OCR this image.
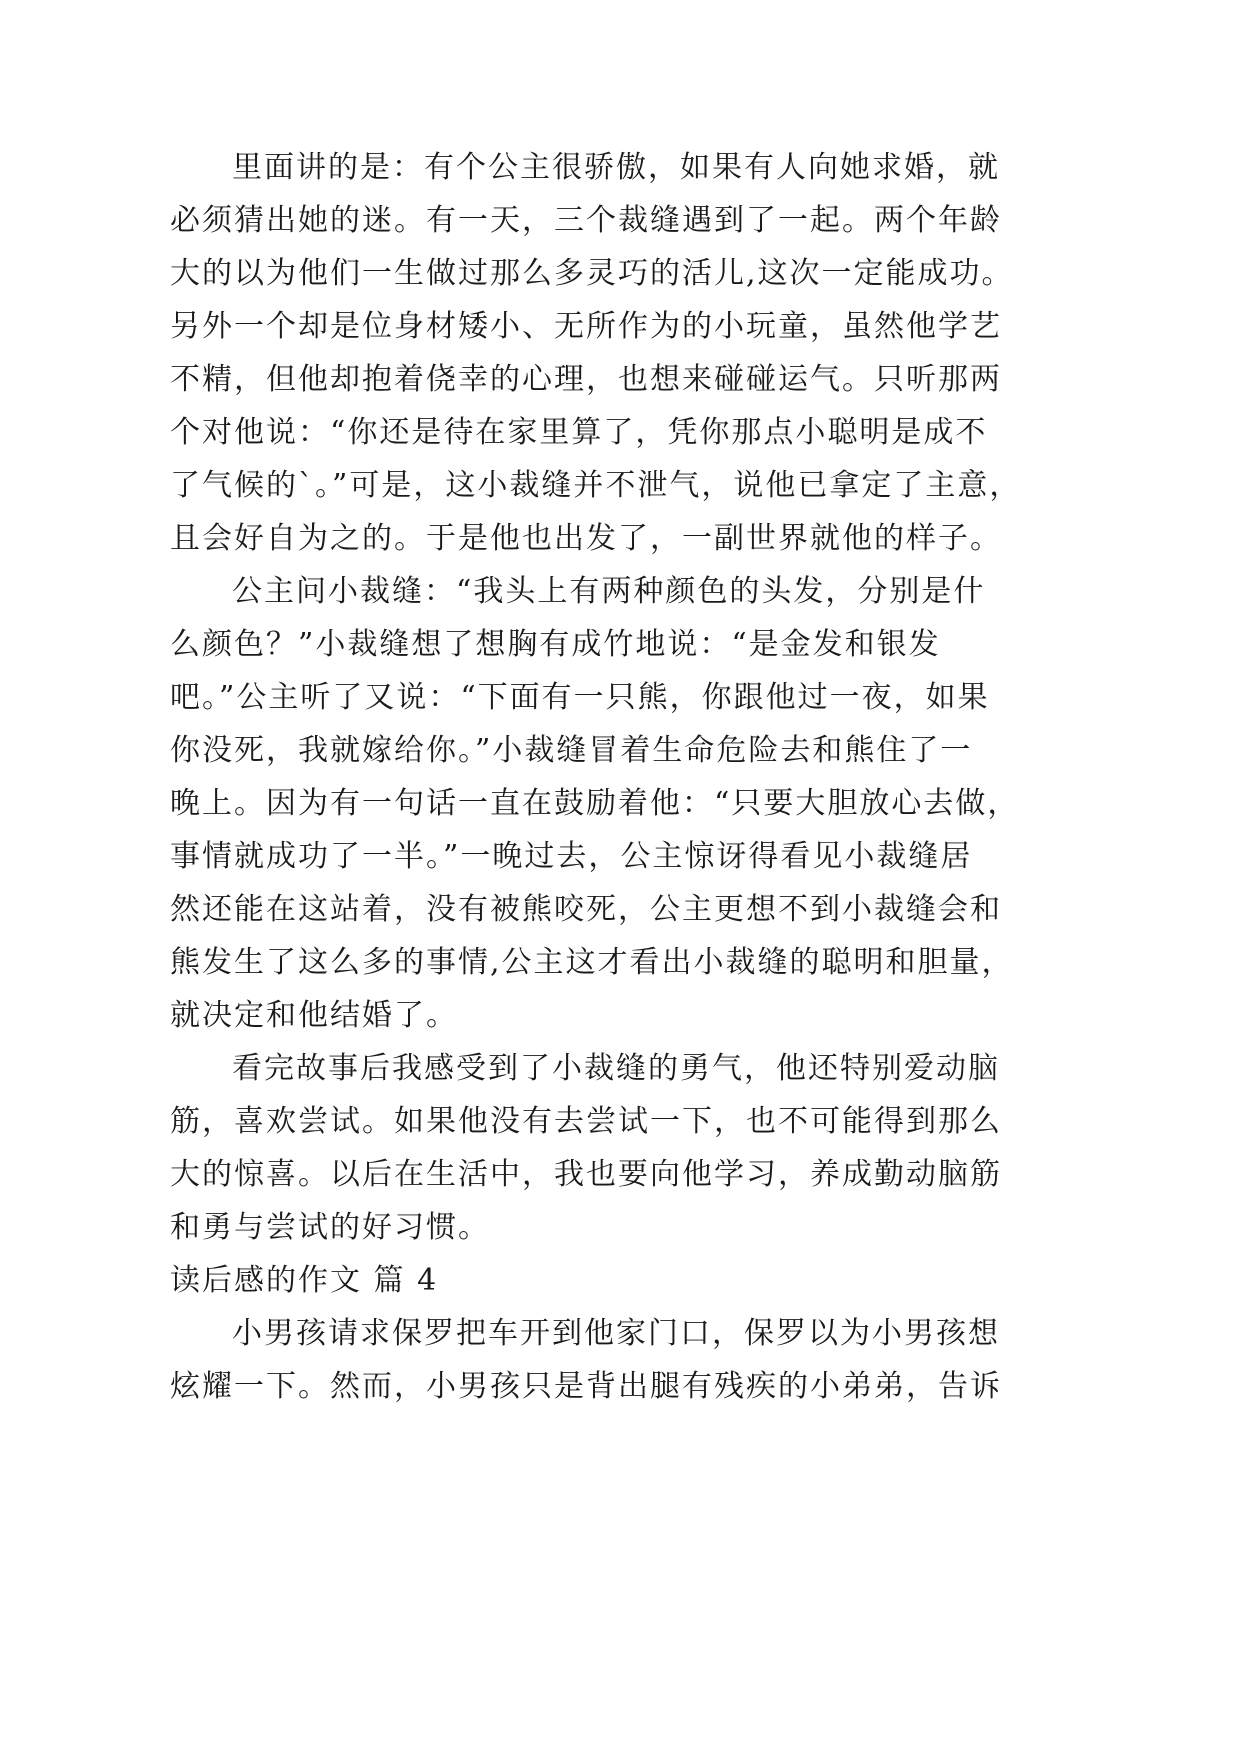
里面讲的是：有个公主很骄傲，如果有人向她求婚，就
必须猜出她的迷。有一天，三个裁缝遇到了一起。两个年龄
大的以为他们一生做过那么多灵巧的活儿,这次一定能成功。
另外一个却是位身材矮小、无所作为的小玩童，虽然他学艺
不精，但他却抱着侥幸的心理，也想来碰碰运气。只听那两
个对他说：“你还是待在家里算了，凭你那点小聪明是成不
了气候的`。”可是，这小裁缝并不泄气，说他已拿定了主意，
且会好自为之的。于是他也出发了，一副世界就他的样子。
公主问小裁缝：“我头上有两种颜色的头发，分别是什
么颜色？”小裁缝想了想胸有成竹地说：“是金发和银发
吧。”公主听了又说：“下面有一只熊，你跟他过一夜，如果
你没死，我就嫁给你。”小裁缝冒着生命危险去和熊住了一
晚上。因为有一句话一直在鼓励着他：“只要大胆放心去做，
事情就成功了一半。”一晚过去，公主惊讶得看见小裁缝居
然还能在这站着，没有被熊咬死，公主更想不到小裁缝会和
熊发生了这么多的事情,公主这才看出小裁缝的聪明和胆量，
就决定和他结婚了。
看完故事后我感受到了小裁缝的勇气，他还特别爱动脑
筋，喜欢尝试。如果他没有去尝试一下，也不可能得到那么
大的惊喜。以后在生活中，我也要向他学习，养成勤动脑筋
和勇与尝试的好习惯。
读后感的作文 篇 4
小男孩请求保罗把车开到他家门口，保罗以为小男孩想
炫耀一下。然而，小男孩只是背出腿有残疾的小弟弟，告诉
